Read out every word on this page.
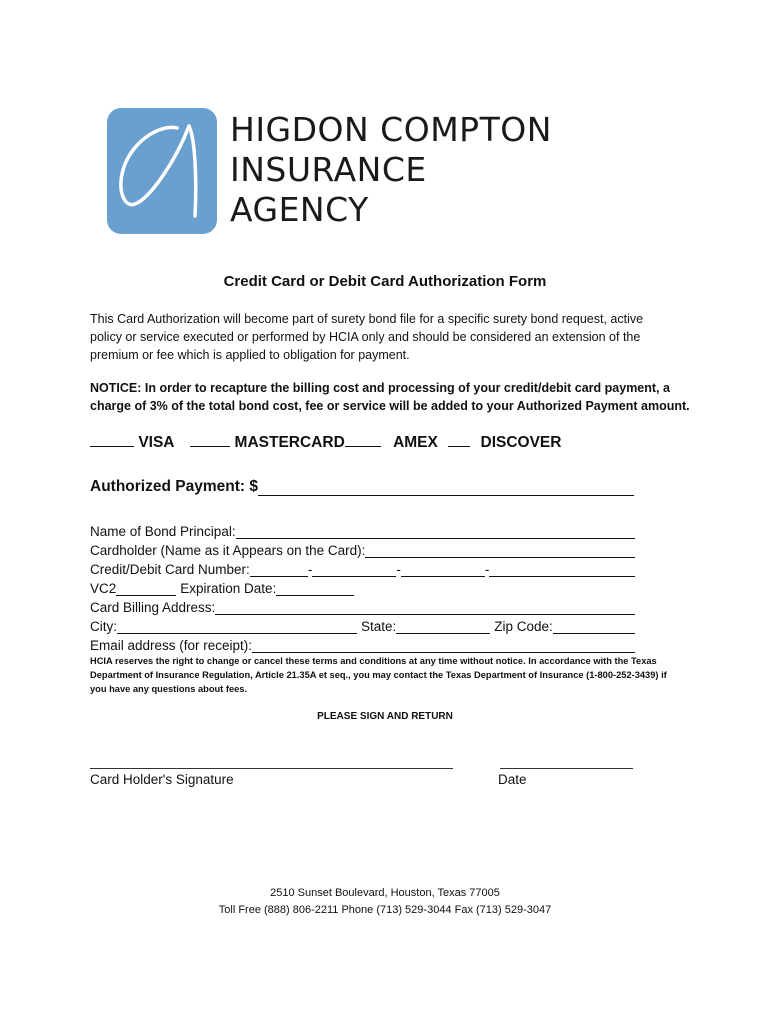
HIGDON COMPTON
INSURANCE
AGENCY
Credit Card or Debit Card Authorization Form
This Card Authorization will become part of surety bond file for a specific surety bond request, active policy or service executed or performed by HCIA only and should be considered an extension of the premium or fee which is applied to obligation for payment.
NOTICE: In order to recapture the billing cost and processing of your credit/debit card payment, a charge of 3% of the total bond cost, fee or service will be added to your Authorized Payment amount.
VISA	MASTERCARD	AMEX	DISCOVER
Authorized Payment: $
Name of Bond Principal:
Cardholder (Name as it Appears on the Card):
Credit/Debit Card Number:	-	-	-
VC2	Expiration Date:
Card Billing Address:
City:	State:	Zip Code:
Email address (for receipt):
HCIA reserves the right to change or cancel these terms and conditions at any time without notice. In accordance with the Texas Department of Insurance Regulation, Article 21.35A et seq., you may contact the Texas Department of Insurance (1-800-252-3439) if you have any questions about fees.
PLEASE SIGN AND RETURN
Card Holder's Signature	Date
2510 Sunset Boulevard, Houston, Texas 77005
Toll Free (888) 806-2211 Phone (713) 529-3044 Fax (713) 529-3047
